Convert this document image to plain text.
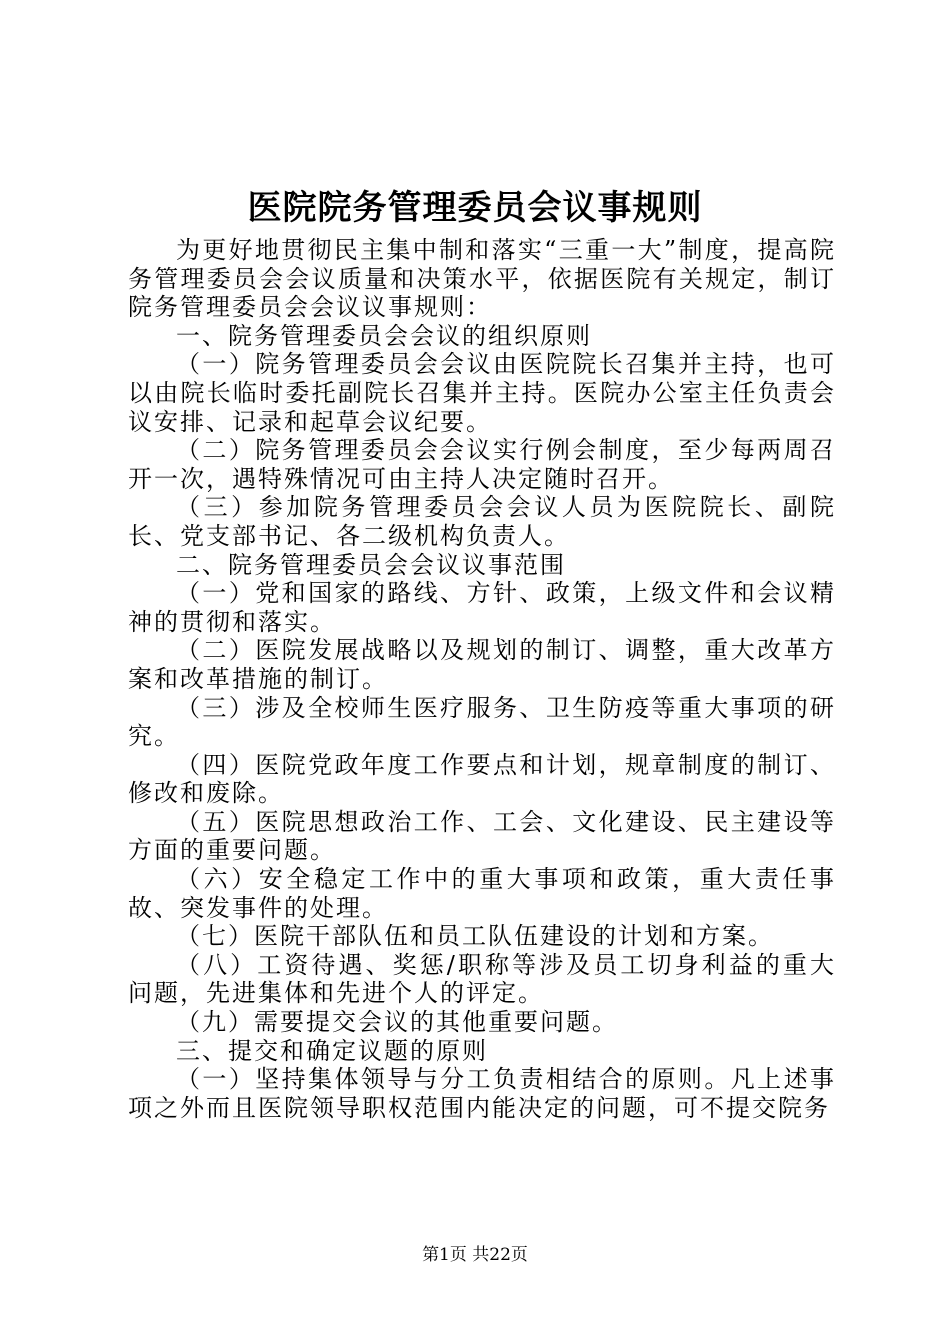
医院院务管理委员会议事规则

为更好地贯彻民主集中制和落实“三重一大”制度，提高院务管理委员会会议质量和决策水平，依据医院有关规定，制订院务管理委员会会议议事规则：

一、院务管理委员会会议的组织原则

（一）院务管理委员会会议由医院院长召集并主持，也可以由院长临时委托副院长召集并主持。医院办公室主任负责会议安排、记录和起草会议纪要。

（二）院务管理委员会会议实行例会制度，至少每两周召开一次，遇特殊情况可由主持人决定随时召开。

（三）参加院务管理委员会会议人员为医院院长、副院长、党支部书记、各二级机构负责人。

二、院务管理委员会会议议事范围

（一）党和国家的路线、方针、政策，上级文件和会议精神的贯彻和落实。

（二）医院发展战略以及规划的制订、调整，重大改革方案和改革措施的制订。

（三）涉及全校师生医疗服务、卫生防疫等重大事项的研究。

（四）医院党政年度工作要点和计划，规章制度的制订、修改和废除。

（五）医院思想政治工作、工会、文化建设、民主建设等方面的重要问题。

（六）安全稳定工作中的重大事项和政策，重大责任事故、突发事件的处理。

（七）医院干部队伍和员工队伍建设的计划和方案。

（八）工资待遇、奖惩/职称等涉及员工切身利益的重大问题，先进集体和先进个人的评定。

（九）需要提交会议的其他重要问题。

三、提交和确定议题的原则

（一）坚持集体领导与分工负责相结合的原则。凡上述事项之外而且医院领导职权范围内能决定的问题，可不提交院务

第1页 共22页
